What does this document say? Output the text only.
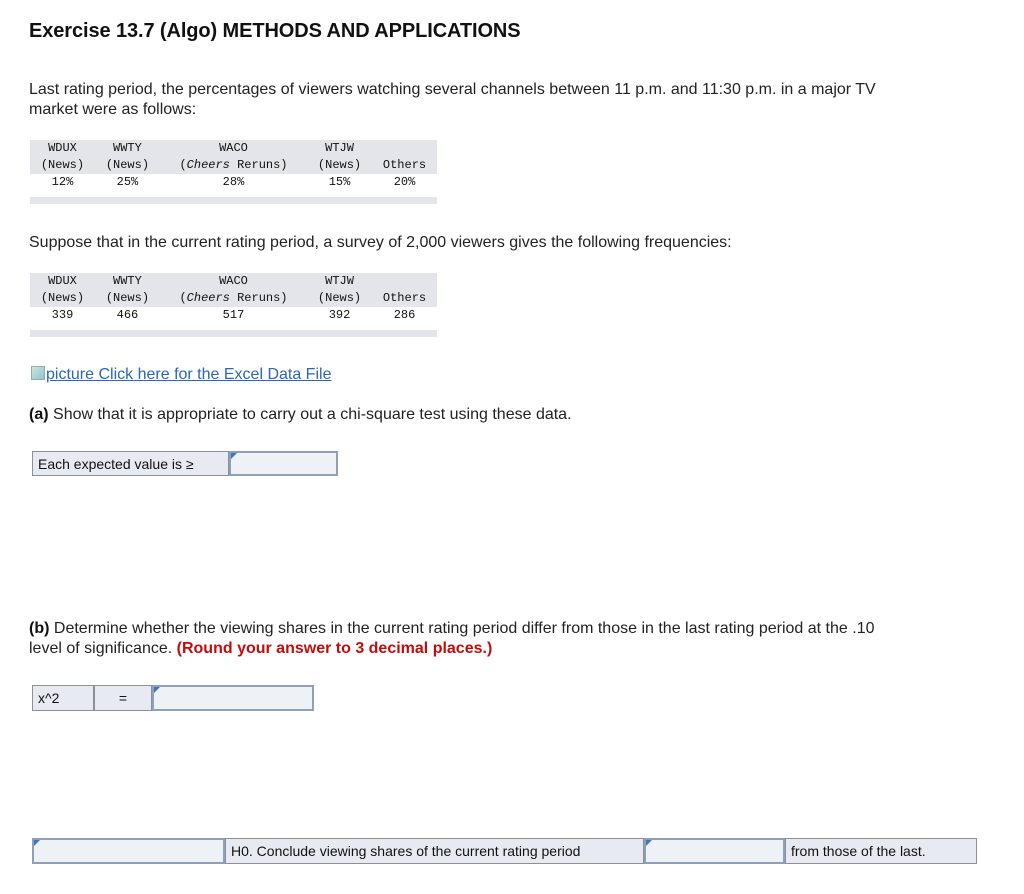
Exercise 13.7 (Algo) METHODS AND APPLICATIONS
Last rating period, the percentages of viewers watching several channels between 11 p.m. and 11:30 p.m. in a major TV
market were as follows:
WDUX	WWTY	WACO	WTJW	
(News)	(News)	(Cheers Reruns)	(News)	Others
12%	25%	28%	15%	20%
Suppose that in the current rating period, a survey of 2,000 viewers gives the following frequencies:
WDUX	WWTY	WACO	WTJW	
(News)	(News)	(Cheers Reruns)	(News)	Others
339	466	517	392	286
picture Click here for the Excel Data File
(a) Show that it is appropriate to carry out a chi-square test using these data.
Each expected value is ≥
(b) Determine whether the viewing shares in the current rating period differ from those in the last rating period at the .10
level of significance. (Round your answer to 3 decimal places.)
x^2	=
H0. Conclude viewing shares of the current rating period	from those of the last.
